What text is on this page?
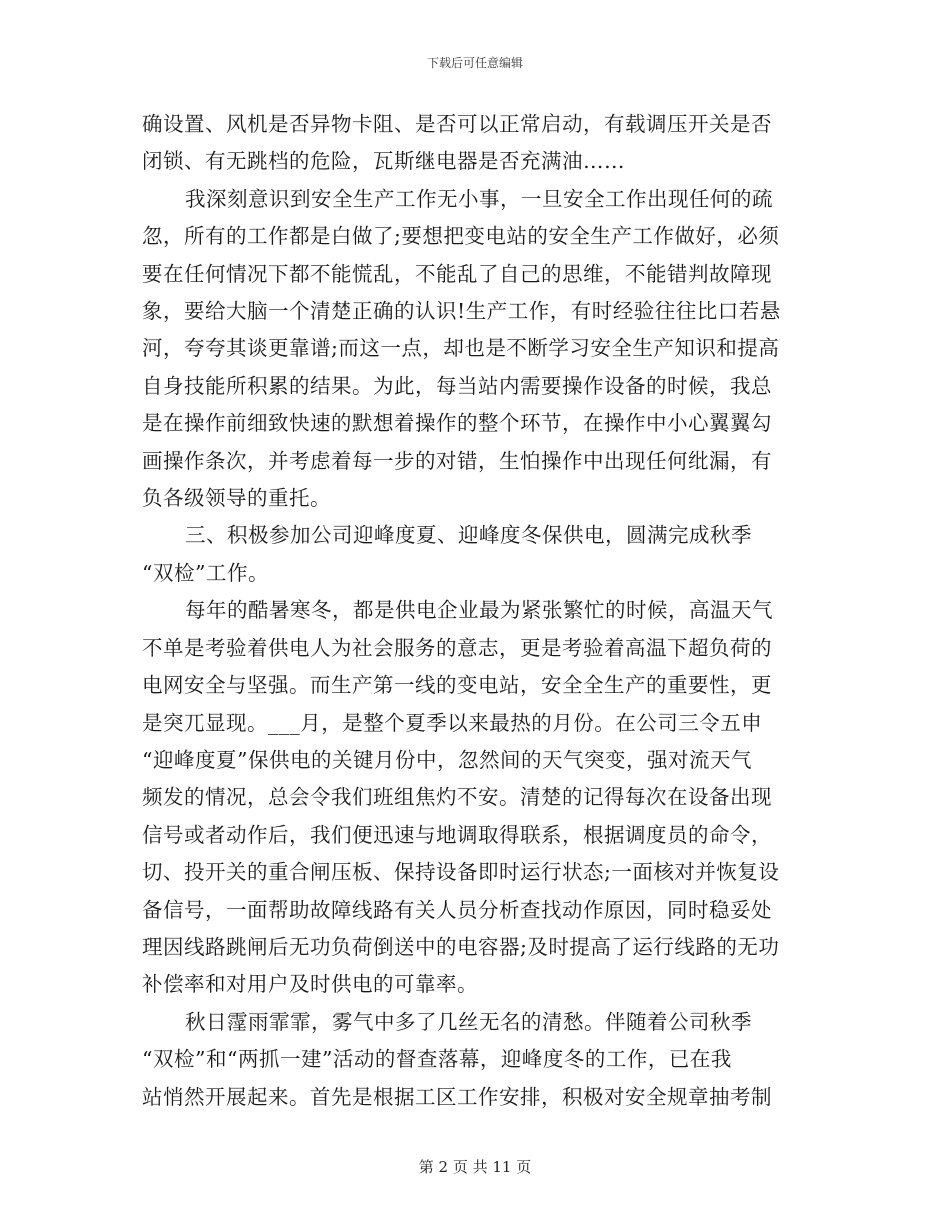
下载后可任意编辑

确设置、风机是否异物卡阻、是否可以正常启动，有载调压开关是否
闭锁、有无跳档的危险，瓦斯继电器是否充满油……
我深刻意识到安全生产工作无小事，一旦安全工作出现任何的疏
忽，所有的工作都是白做了;要想把变电站的安全生产工作做好，必须
要在任何情况下都不能慌乱，不能乱了自己的思维，不能错判故障现
象，要给大脑一个清楚正确的认识!生产工作，有时经验往往比口若悬
河，夸夸其谈更靠谱;而这一点，却也是不断学习安全生产知识和提高
自身技能所积累的结果。为此，每当站内需要操作设备的时候，我总
是在操作前细致快速的默想着操作的整个环节，在操作中小心翼翼勾
画操作条次，并考虑着每一步的对错，生怕操作中出现任何纰漏，有
负各级领导的重托。
三、积极参加公司迎峰度夏、迎峰度冬保供电，圆满完成秋季
“双检”工作。
每年的酷暑寒冬，都是供电企业最为紧张繁忙的时候，高温天气
不单是考验着供电人为社会服务的意志，更是考验着高温下超负荷的
电网安全与坚强。而生产第一线的变电站，安全全生产的重要性，更
是突兀显现。___月，是整个夏季以来最热的月份。在公司三令五申
“迎峰度夏”保供电的关键月份中，忽然间的天气突变，强对流天气
频发的情况，总会令我们班组焦灼不安。清楚的记得每次在设备出现
信号或者动作后，我们便迅速与地调取得联系，根据调度员的命令，
切、投开关的重合闸压板、保持设备即时运行状态;一面核对并恢复设
备信号，一面帮助故障线路有关人员分析查找动作原因，同时稳妥处
理因线路跳闸后无功负荷倒送中的电容器;及时提高了运行线路的无功
补偿率和对用户及时供电的可靠率。
秋日霪雨霏霏，雾气中多了几丝无名的清愁。伴随着公司秋季
“双检”和“两抓一建”活动的督查落幕，迎峰度冬的工作，已在我
站悄然开展起来。首先是根据工区工作安排，积极对安全规章抽考制

第 2 页 共 11 页
